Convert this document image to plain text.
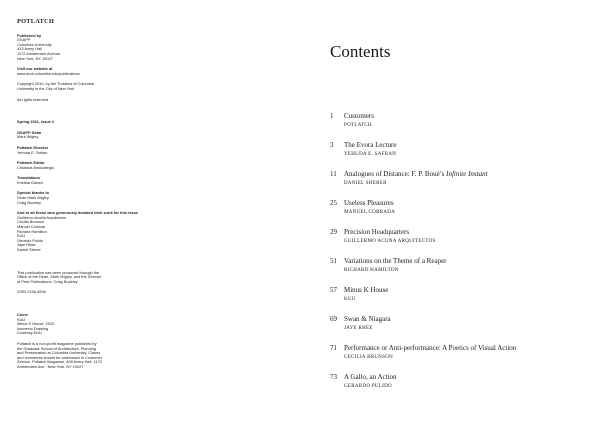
POTLATCH
Published by
GSAPP
Columbia University
413 Avery Hall
1172 Amsterdam Avenue
New York, NY 10027
Visit our website at
www.arch.columbia.edu/publications
Copyright 2010, by the Trustees of Columbia
University in the City of New York
All rights reserved
Spring 2011, Issue 2
GSAPP Dean
Mark Wigley
Potlatch Director
Yehuda E. Safran
Potlatch Editor
Cristobal Amunategui
Translations
Kristina Galvez
Special thanks to
Dean Mark Wigley
Craig Buckley
And to all those who generously donated their work for this issue
Guillermo Acuña Arquitectos
Cecilia Brunson
Manuel Corrada
Richard Hamilton
KUU
Gerardo Pulido
Jaye Rhee
Daniel Sherer
This publication has been produced through the
Office of the Dean, Mark Wigley, and the Director
of Print Publications, Craig Buckley
ISSN 2156-4906
Cover
KUU
Minus K House, 2010
Isometric Drawing
Courtesy KUU
Potlatch is a non-profit magazine published by
the Graduate School of Architecture, Planning
and Preservation at Columbia University. Claims
and comments should be addressed to Customer
Service, Potlatch Magazine, 409 Avery Hall, 1172
Amsterdam Ave., New York, NY 10027
Contents
1	Customers
POTLATCH
3	The Evora Lecture
YEHUDA E. SAFRAN
11	Analogues of Distance: F. P. Boué’s Infinite Instant
DANIEL SHERER
25	Useless Pleasures
MANUEL CORRADA
29	Precision Headquarters
GUILLERMO ACUNA ARQUITECTOS
51	Variations on the Theme of a Reaper
RICHARD HAMILTON
57	Minus K House
KUU
69	Swan & Niagara
JAYE RHEE
71	Performance or Anti-performance: A Poetics of Visual Action
CECILIA BRUNSON
73	A Gallo, an Action
GERARDO PULIDO
